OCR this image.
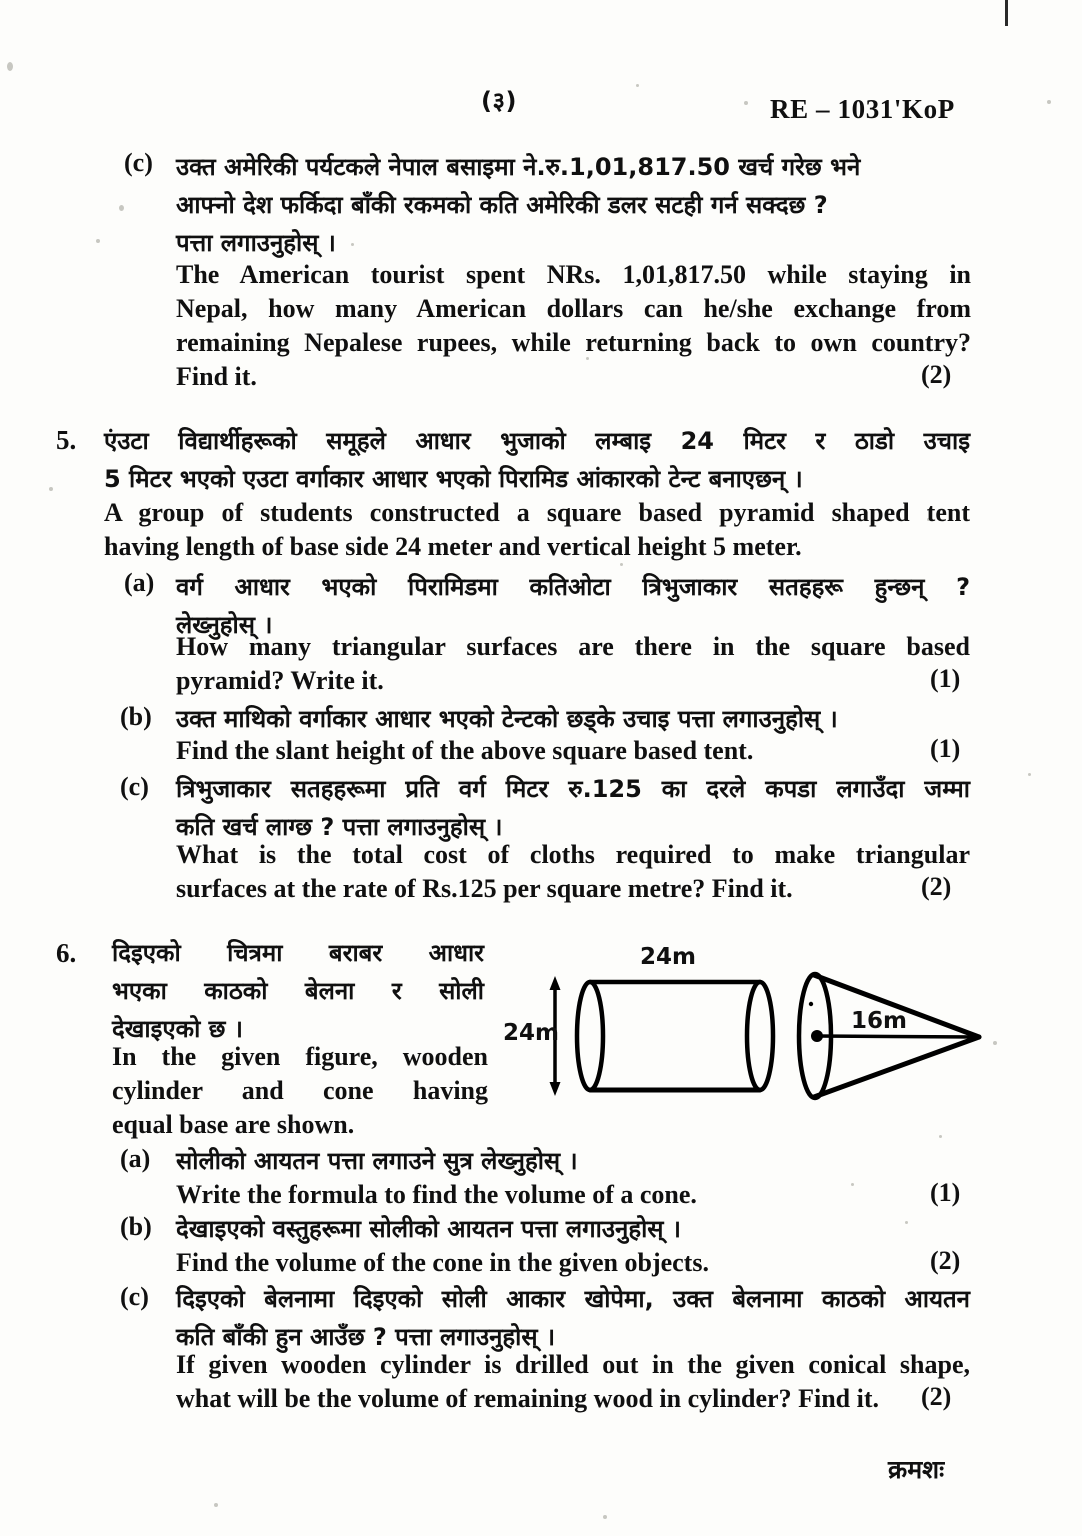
(३)	RE – 1031'KoP
(c) उक्त अमेरिकी पर्यटकले नेपाल बसाइमा ने.रु.1,01,817.50 खर्च गरेछ भने
आफ्नो देश फर्किदा बाँकी रकमको कति अमेरिकी डलर सटही गर्न सक्दछ ?
पत्ता लगाउनुहोस् ।
The American tourist spent NRs. 1,01,817.50 while staying in
Nepal, how many American dollars can he/she exchange from
remaining Nepalese rupees, while returning back to own country?
Find it.	(2)
5. एंउटा विद्यार्थीहरूको समूहले आधार भुजाको लम्बाइ 24 मिटर र ठाडो उचाइ
5 मिटर भएको एउटा वर्गाकार आधार भएको पिरामिड आंकारको टेन्ट बनाएछन् ।
A group of students constructed a square based pyramid shaped tent
having length of base side 24 meter and vertical height 5 meter.
(a) वर्ग आधार भएको पिरामिडमा कतिओटा त्रिभुजाकार सतहहरू हुन्छन् ?
लेख्नुहोस् ।
How many triangular surfaces are there in the square based
pyramid? Write it.	(1)
(b) उक्त माथिको वर्गाकार आधार भएको टेन्टको छड्के उचाइ पत्ता लगाउनुहोस् ।
Find the slant height of the above square based tent.	(1)
(c) त्रिभुजाकार सतहहरूमा प्रति वर्ग मिटर रु.125 का दरले कपडा लगाउँदा जम्मा
कति खर्च लाग्छ ? पत्ता लगाउनुहोस् ।
What is the total cost of cloths required to make triangular
surfaces at the rate of Rs.125 per square metre? Find it.	(2)
6. दिइएको चित्रमा बराबर आधार
भएका काठको बेलना र सोली
देखाइएको छ ।
In the given figure, wooden
cylinder and cone having
equal base are shown.
24m
24m	16m
(a) सोलीको आयतन पत्ता लगाउने सुत्र लेख्नुहोस् ।
Write the formula to find the volume of a cone.	(1)
(b) देखाइएको वस्तुहरूमा सोलीको आयतन पत्ता लगाउनुहोस् ।
Find the volume of the cone in the given objects.	(2)
(c) दिइएको बेलनामा दिइएको सोली आकार खोपेमा, उक्त बेलनामा काठको आयतन
कति बाँकी हुन आउँछ ? पत्ता लगाउनुहोस् ।
If given wooden cylinder is drilled out in the given conical shape,
what will be the volume of remaining wood in cylinder? Find it.	(2)
क्रमशः
